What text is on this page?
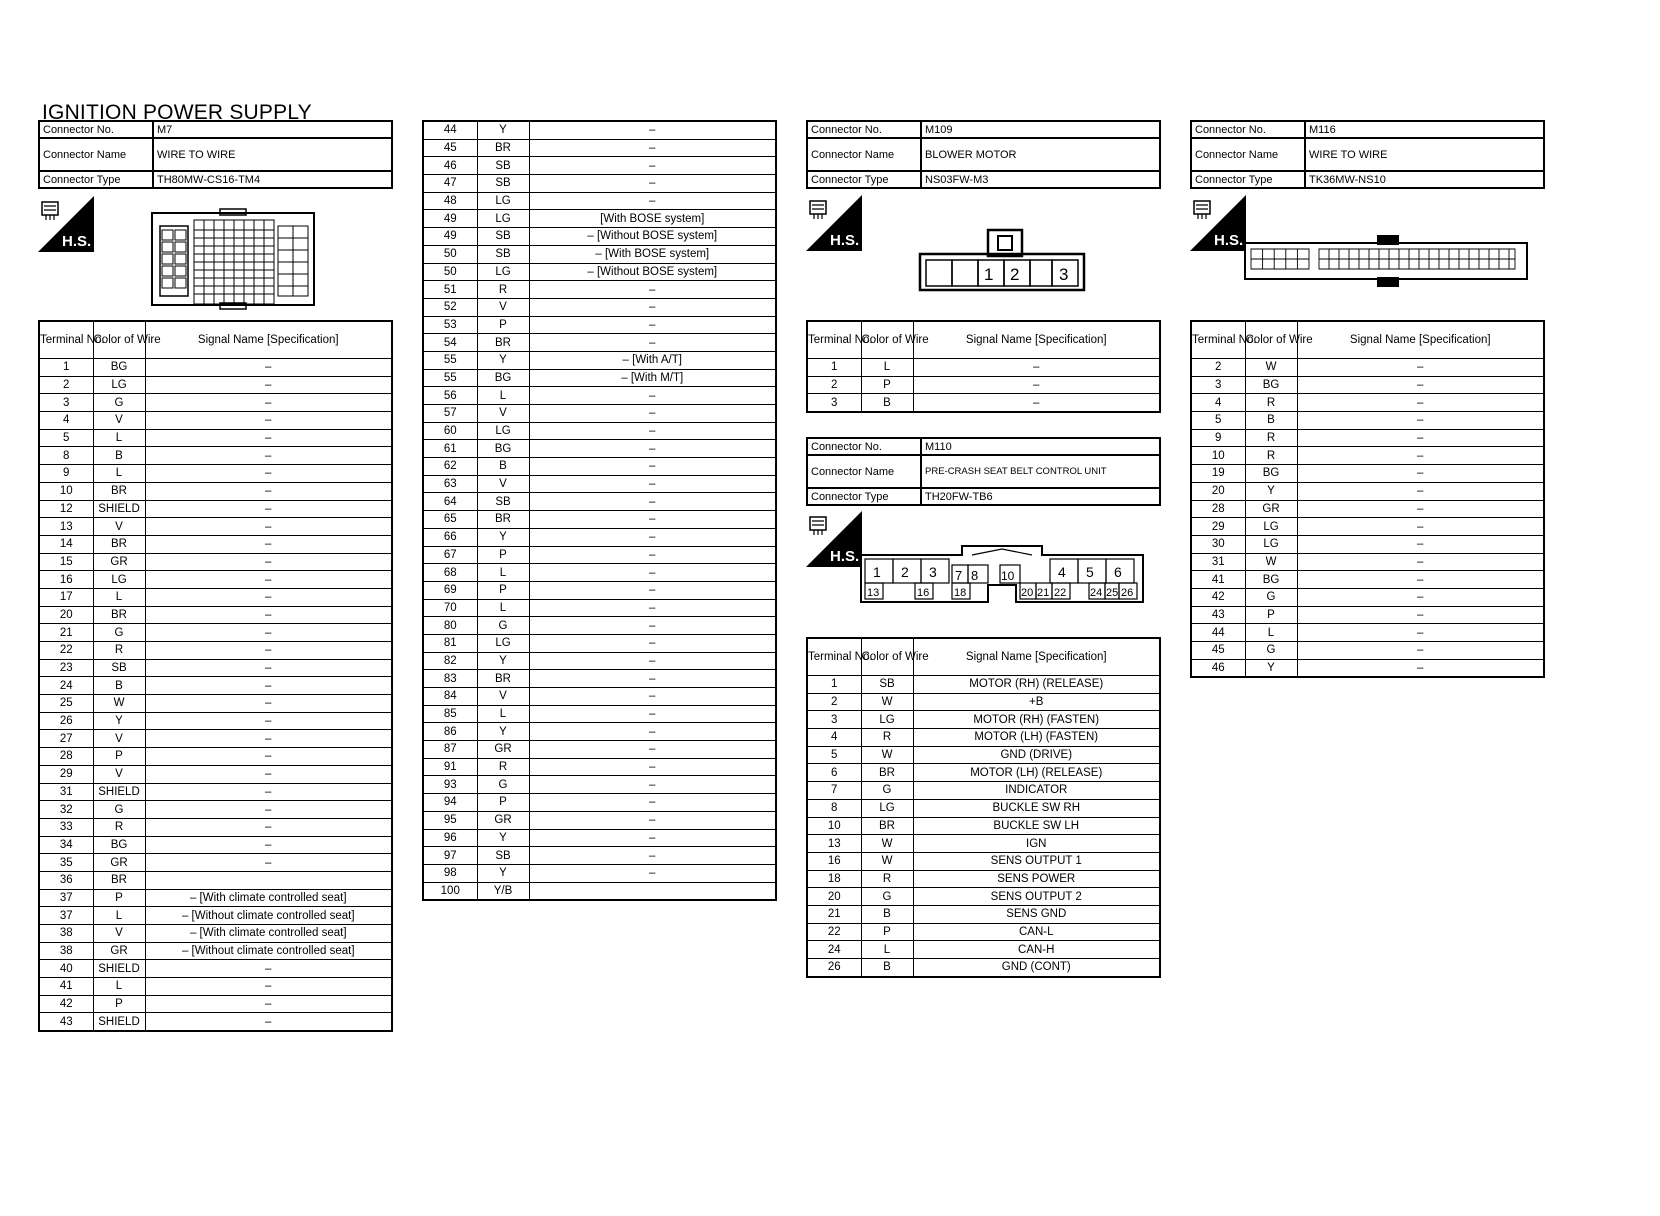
IGNITION POWER SUPPLY
Connector No.	M7
Connector Name	WIRE TO WIRE
Connector Type	TH80MW-CS16-TM4
H.S.
Terminal No.	Color of Wire	Signal Name [Specification]
1	BG	–
2	LG	–
3	G	–
4	V	–
5	L	–
8	B	–
9	L	–
10	BR	–
12	SHIELD	–
13	V	–
14	BR	–
15	GR	–
16	LG	–
17	L	–
20	BR	–
21	G	–
22	R	–
23	SB	–
24	B	–
25	W	–
26	Y	–
27	V	–
28	P	–
29	V	–
31	SHIELD	–
32	G	–
33	R	–
34	BG	–
35	GR	–
36	BR	
37	P	– [With climate controlled seat]
37	L	– [Without climate controlled seat]
38	V	– [With climate controlled seat]
38	GR	– [Without climate controlled seat]
40	SHIELD	–
41	L	–
42	P	–
43	SHIELD	–
44	Y	–
45	BR	–
46	SB	–
47	SB	–
48	LG	–
49	LG	[With BOSE system]
49	SB	– [Without BOSE system]
50	SB	– [With BOSE system]
50	LG	– [Without BOSE system]
51	R	–
52	V	–
53	P	–
54	BR	–
55	Y	– [With A/T]
55	BG	– [With M/T]
56	L	–
57	V	–
60	LG	–
61	BG	–
62	B	–
63	V	–
64	SB	–
65	BR	–
66	Y	–
67	P	–
68	L	–
69	P	–
70	L	–
80	G	–
81	LG	–
82	Y	–
83	BR	–
84	V	–
85	L	–
86	Y	–
87	GR	–
91	R	–
93	G	–
94	P	–
95	GR	–
96	Y	–
97	SB	–
98	Y	–
100	Y/B	
Connector No.	M109
Connector Name	BLOWER MOTOR
Connector Type	NS03FW-M3
H.S.
1 2 3
Terminal No.	Color of Wire	Signal Name [Specification]
1	L	–
2	P	–
3	B	–
Connector No.	M110
Connector Name	PRE-CRASH SEAT BELT CONTROL UNIT
Connector Type	TH20FW-TB6
H.S.
1 2 3 7 8 10	4 5 6
13	16 18	20 21 22 24 25 26
Terminal No.	Color of Wire	Signal Name [Specification]
1	SB	MOTOR (RH) (RELEASE)
2	W	+B
3	LG	MOTOR (RH) (FASTEN)
4	R	MOTOR (LH) (FASTEN)
5	W	GND (DRIVE)
6	BR	MOTOR (LH) (RELEASE)
7	G	INDICATOR
8	LG	BUCKLE SW RH
10	BR	BUCKLE SW LH
13	W	IGN
16	W	SENS OUTPUT 1
18	R	SENS POWER
20	G	SENS OUTPUT 2
21	B	SENS GND
22	P	CAN-L
24	L	CAN-H
26	B	GND (CONT)
Connector No.	M116
Connector Name	WIRE TO WIRE
Connector Type	TK36MW-NS10
H.S.
Terminal No.	Color of Wire	Signal Name [Specification]
2	W	–
3	BG	–
4	R	–
5	B	–
9	R	–
10	R	–
19	BG	–
20	Y	–
28	GR	–
29	LG	–
30	LG	–
31	W	–
41	BG	–
42	G	–
43	P	–
44	L	–
45	G	–
46	Y	–
